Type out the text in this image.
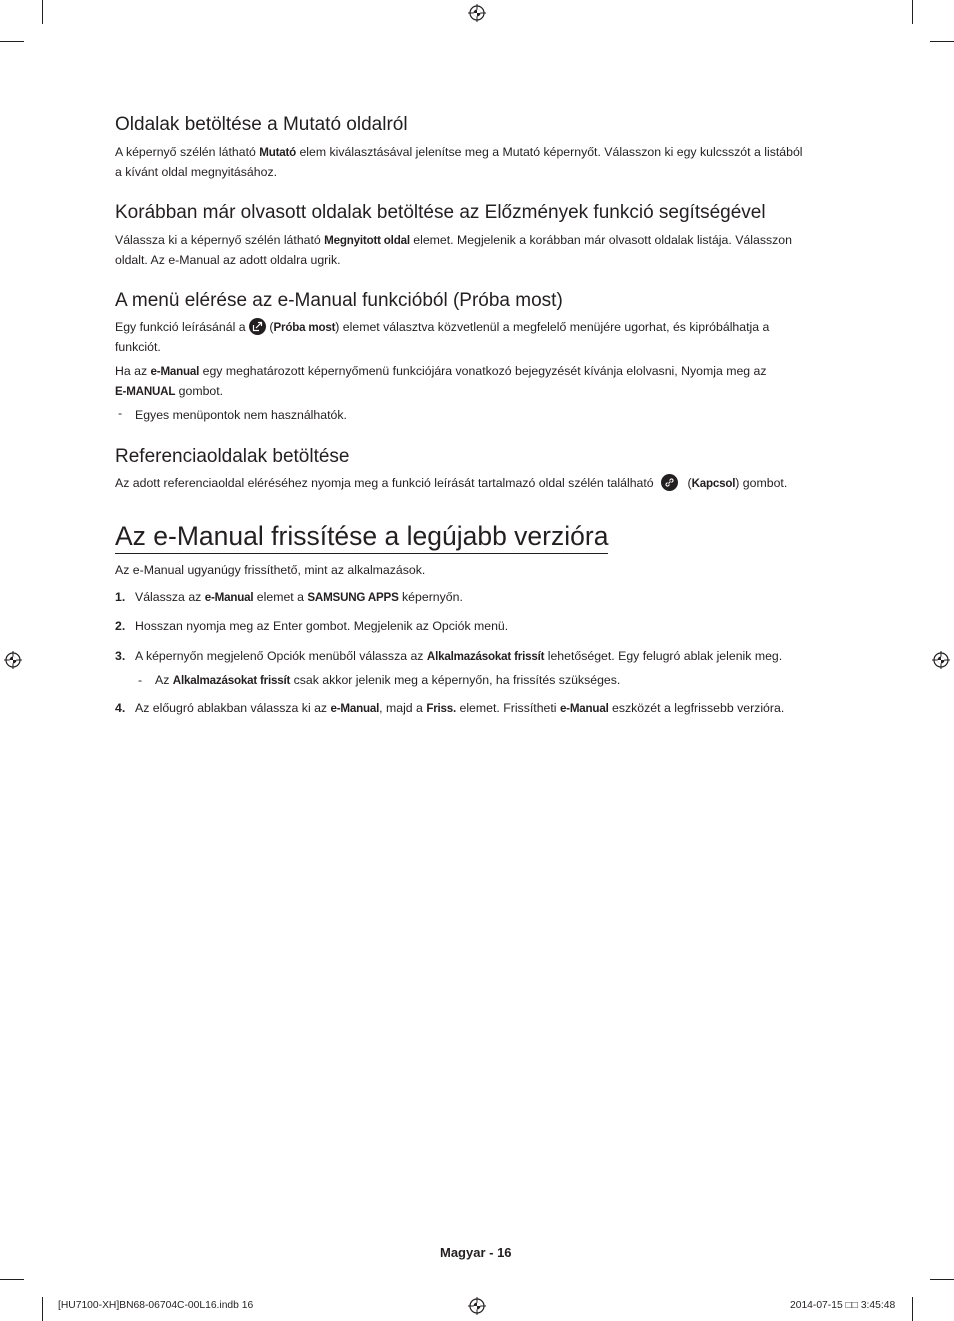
Oldalak betöltése a Mutató oldalról
A képernyő szélén látható Mutató elem kiválasztásával jelenítse meg a Mutató képernyőt. Válasszon ki egy kulcsszót a listából
a kívánt oldal megnyitásához.
Korábban már olvasott oldalak betöltése az Előzmények funkció segítségével
Válassza ki a képernyő szélén látható Megnyitott oldal elemet. Megjelenik a korábban már olvasott oldalak listája. Válasszon
oldalt. Az e-Manual az adott oldalra ugrik.
A menü elérése az e-Manual funkcióból (Próba most)
Egy funkció leírásánál a
(Próba most) elemet választva közvetlenül a megfelelő menüjére ugorhat, és kipróbálhatja a
funkciót.
Ha az e-Manual egy meghatározott képernyőmenü funkciójára vonatkozó bejegyzését kívánja elolvasni, Nyomja meg az
E-MANUAL gombot.
- Egyes menüpontok nem használhatók.
Referenciaoldalak betöltése
Az adott referenciaoldal eléréséhez nyomja meg a funkció leírását tartalmazó oldal szélén található
(Kapcsol) gombot.
Az e-Manual frissítése a legújabb verzióra
Az e-Manual ugyanúgy frissíthető, mint az alkalmazások.
1. Válassza az e-Manual elemet a SAMSUNG APPS képernyőn.
2. Hosszan nyomja meg az Enter gombot. Megjelenik az Opciók menü.
3. A képernyőn megjelenő Opciók menüből válassza az Alkalmazásokat frissít lehetőséget. Egy felugró ablak jelenik meg.
- Az Alkalmazásokat frissít csak akkor jelenik meg a képernyőn, ha frissítés szükséges.
4. Az előugró ablakban válassza ki az e-Manual, majd a Friss. elemet. Frissítheti e-Manual eszközét a legfrissebb verzióra.
Magyar - 16
[HU7100-XH]BN68-06704C-00L16.indb 16	2014-07-15 □□ 3:45:48
